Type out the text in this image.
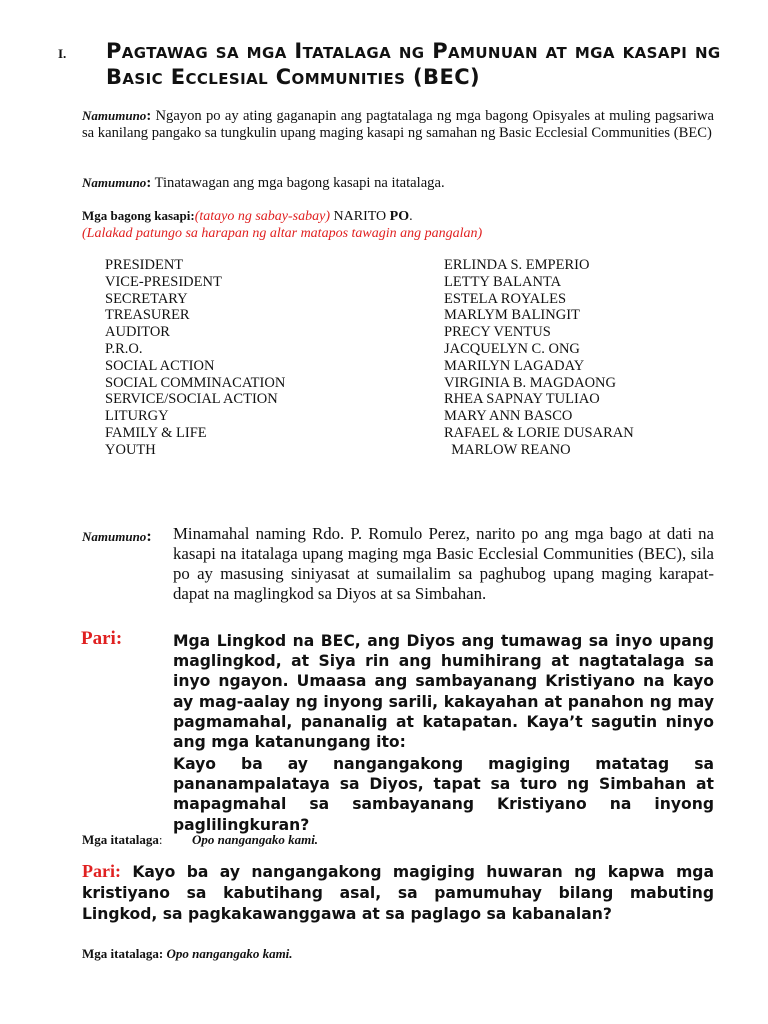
I. Pagtawag sa mga Itatalaga ng Pamunuan at mga kasapi ng Basic Ecclesial Communities (BEC)
Namumuno: Ngayon po ay ating gaganapin ang pagtatalaga ng mga bagong Opisyales at muling pagsariwa sa kanilang pangako sa tungkulin upang maging kasapi ng samahan ng Basic Ecclesial Communities (BEC)
Namumuno: Tinatawagan ang mga bagong kasapi na itatalaga.
Mga bagong kasapi:(tatayo ng sabay-sabay) NARITO PO.
(Lalakad patungo sa harapan ng altar matapos tawagin ang pangalan)
PRESIDENT	ERLINDA S. EMPERIO
VICE-PRESIDENT	LETTY BALANTA
SECRETARY	ESTELA ROYALES
TREASURER	MARLYM BALINGIT
AUDITOR	PRECY VENTUS
P.R.O.	JACQUELYN C. ONG
SOCIAL ACTION	MARILYN LAGADAY
SOCIAL COMMINACATION	VIRGINIA B. MAGDAONG
SERVICE/SOCIAL ACTION	RHEA SAPNAY TULIAO
LITURGY	MARY ANN BASCO
FAMILY & LIFE	RAFAEL & LORIE DUSARAN
YOUTH	MARLOW REANO
Namumuno: Minamahal naming Rdo. P. Romulo Perez, narito po ang mga bago at dati na kasapi na itatalaga upang maging mga Basic Ecclesial Communities (BEC), sila po ay masusing siniyasat at sumailalim sa paghubog upang maging karapat-dapat na maglingkod sa Diyos at sa Simbahan.
Pari:	Mga Lingkod na BEC, ang Diyos ang tumawag sa inyo upang maglingkod, at Siya rin ang humihirang at nagtatalaga sa inyo ngayon. Umaasa ang sambayanang Kristiyano na kayo ay mag-aalay ng inyong sarili, kakayahan at panahon ng may pagmamahal, pananalig at katapatan. Kaya’t sagutin ninyo ang mga katanungang ito:
Kayo ba ay nangangakong magiging matatag sa pananampalataya sa Diyos, tapat sa turo ng Simbahan at mapagmahal sa sambayanang Kristiyano na inyong paglilingkuran?
Mga itatalaga: Opo nangangako kami.
Pari: Kayo ba ay nangangakong magiging huwaran ng kapwa mga kristiyano sa kabutihang asal, sa pamumuhay bilang mabuting Lingkod, sa pagkakawanggawa at sa paglago sa kabanalan?
Mga itatalaga: Opo nangangako kami.
